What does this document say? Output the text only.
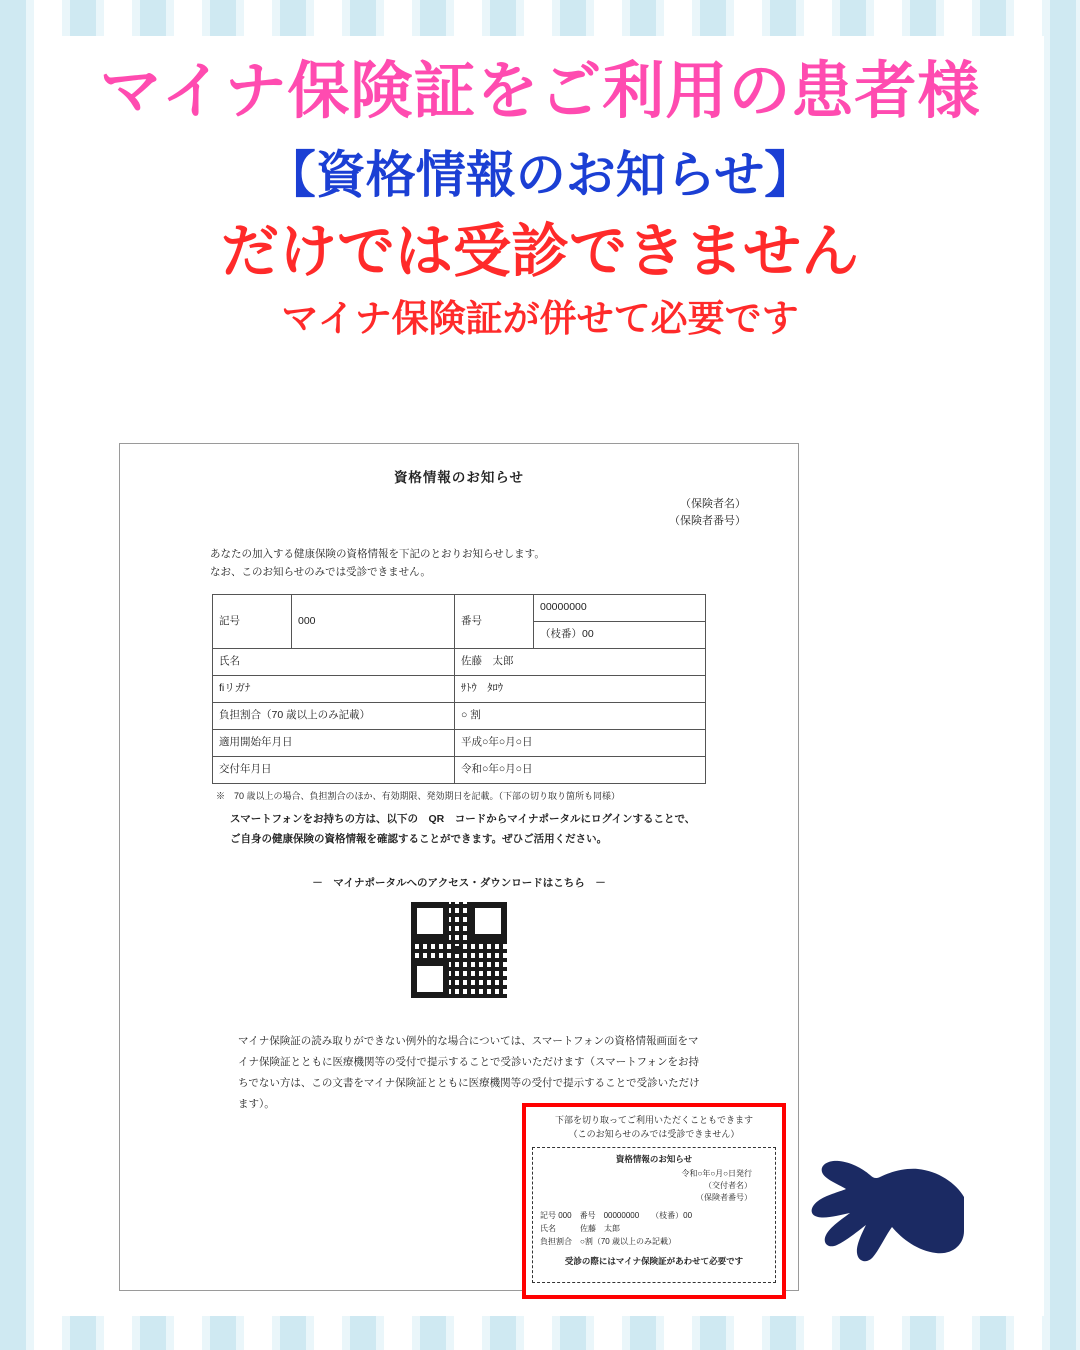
マイナ保険証をご利用の患者様
【資格情報のお知らせ】
だけでは受診できません
マイナ保険証が併せて必要です
資格情報のお知らせ
（保険者名）
（保険者番号）
あなたの加入する健康保険の資格情報を下記のとおりお知らせします。
なお、このお知らせのみでは受診できません。
記号	000	番号	00000000
			（枝番）00
氏名		佐藤　太郎	
ﬁリガﾅ		ｻﾄｳ　ﾀﾛｳ	
負担割合（70 歳以上のみ記載）		○ 割	
適用開始年月日		平成○年○月○日	
交付年月日		令和○年○月○日	
※　70 歳以上の場合、負担割合のほか、有効期限、発効期日を記載。（下部の切り取り箇所も同様）
スマートフォンをお持ちの方は、以下の　QR　コードからマイナポータルにログインすることで、
ご自身の健康保険の資格情報を確認することができます。ぜひご活用ください。
－　マイナポータルへのアクセス・ダウンロードはこちら　－
マイナ保険証の読み取りができない例外的な場合については、スマートフォンの資格情報画面をマイナ保険証とともに医療機関等の受付で提示することで受診いただけます（スマートフォンをお持ちでない方は、この文書をマイナ保険証とともに医療機関等の受付で提示することで受診いただけます）。
下部を切り取ってご利用いただくこともできます
（このお知らせのみでは受診できません）
資格情報のお知らせ
令和○年○月○日発行
（交付者名）
（保険者番号）
記号 000　番号　00000000　　（枝番）00
氏名　　　佐藤　太郎
負担割合　○割（70 歳以上のみ記載）
受診の際にはマイナ保険証があわせて必要です
